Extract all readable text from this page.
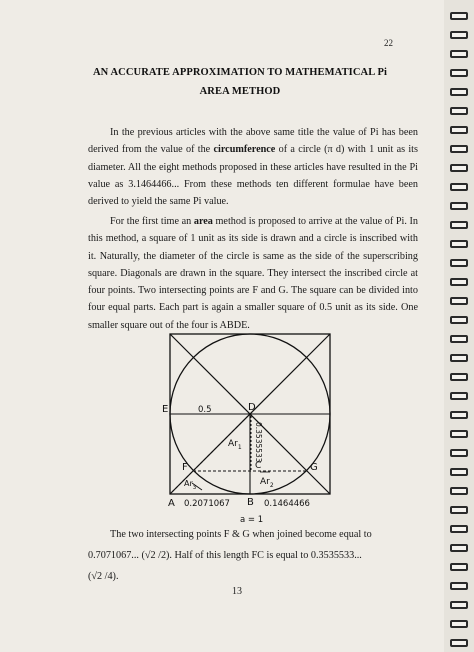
22
AN ACCURATE APPROXIMATION TO MATHEMATICAL Pi
AREA METHOD

In the previous articles with the above same title the value of Pi has been derived from the value of the circumference of a circle (π d) with 1 unit as its diameter. All the eight methods proposed in these articles have resulted in the Pi value as 3.1464466... From these methods ten different formulae have been derived to yield the same Pi value.

For the first time an area method is proposed to arrive at the value of Pi. In this method, a square of 1 unit as its side is drawn and a circle is inscribed with it. Naturally, the diameter of the circle is same as the side of the superscribing square. Diagonals are drawn in the square. They intersect the inscribed circle at four points. Two intersecting points are F and G. The square can be divided into four equal parts. Each part is again a smaller square of 0.5 unit as its side. One smaller square out of the four is ABDE.

E	D
F	G
A	B
C
0.5
0.3535533
$Ar_1$
$Ar_2$
$Ar_3$
0.2071067	0.1464466
a = 1
The two intersecting points F & G when joined become equal to
0.7071067... (√2 /2). Half of this length FC is equal to 0.3535533...
(√2 /4).
13
